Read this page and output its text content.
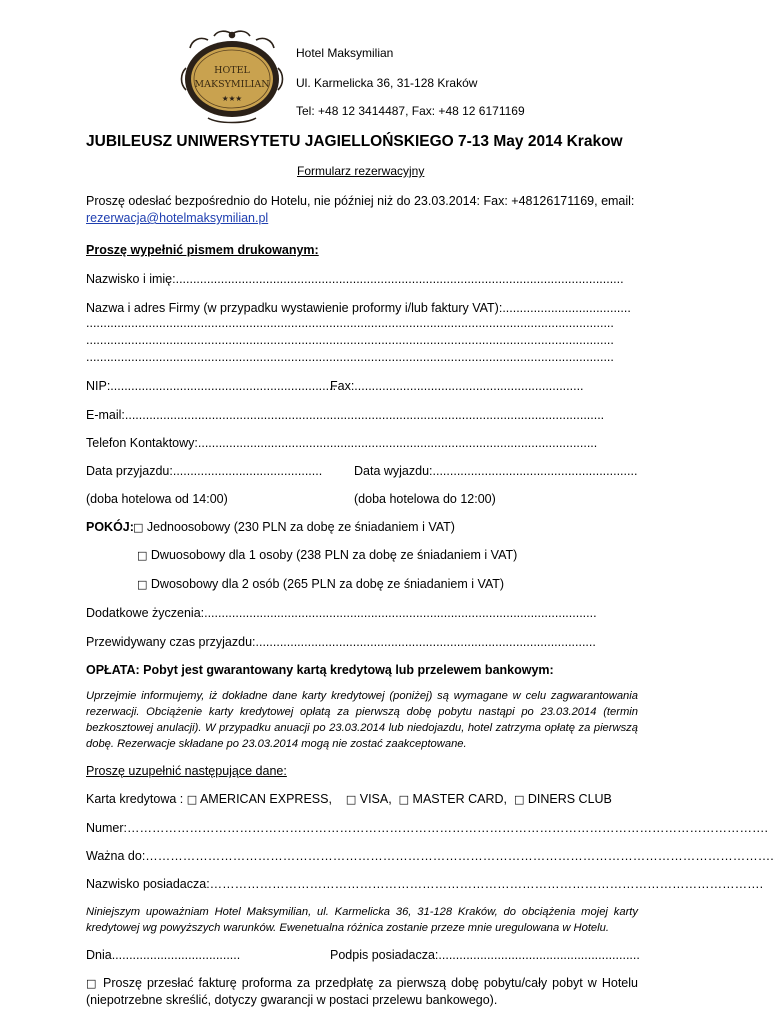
HOTEL
MAKSYMILIAN
★★★
Hotel Maksymilian
Ul. Karmelicka 36, 31-128 Kraków
Tel: +48 12 3414487, Fax: +48 12 6171169
JUBILEUSZ UNIWERSYTETU JAGIELLOŃSKIEGO 7-13 May 2014 Krakow
Formularz rezerwacyjny
Proszę odesłać bezpośrednio do Hotelu, nie później niż do 23.03.2014: Fax: +48126171169, email:
rezerwacja@hotelmaksymilian.pl
Proszę wypełnić pismem drukowanym:
Nazwisko i imię:.................................................................................................................................
Nazwa i adres Firmy (w przypadku wystawienie proformy i/lub faktury VAT):.....................................
........................................................................................................................................................
........................................................................................................................................................
........................................................................................................................................................
NIP:.................................................................
Fax:..................................................................
E-mail:..........................................................................................................................................
Telefon Kontaktowy:...................................................................................................................
Data przyjazdu:...........................................	Data wyjazdu:...........................................................
(doba hotelowa od 14:00)	(doba hotelowa do 12:00)
POKÓJ: □ Jednoosobowy (230 PLN za dobę ze śniadaniem i VAT)
□ Dwuosobowy dla 1 osoby (238 PLN za dobę ze śniadaniem i VAT)
□ Dwosobowy dla 2 osób (265 PLN za dobę ze śniadaniem i VAT)
Dodatkowe życzenia:.................................................................................................................
Przewidywany czas przyjazdu:..................................................................................................
OPŁATA: Pobyt jest gwarantowany kartą kredytową lub przelewem bankowym:
Uprzejmie informujemy, iż dokładne dane karty kredytowej (poniżej) są wymagane w celu zagwarantowania rezerwacji. Obciążenie karty kredytowej opłatą za pierwszą dobę pobytu nastąpi po 23.03.2014 (termin bezkosztowej anulacji). W przypadku anuacji po 23.03.2014 lub niedojazdu, hotel zatrzyma opłatę za pierwszą dobę. Rezerwacje składane po 23.03.2014 mogą nie zostać zaakceptowane.
Proszę uzupełnić następujące dane:
Karta kredytowa : □ AMERICAN EXPRESS, □ VISA, □ MASTER CARD, □ DINERS CLUB
Numer:……………………………………………………………………………………………………………………………………….
Ważna do:…………………………………………………………………………………………………………………………………….
Nazwisko posiadacza:…………………………………………………………………………………………………………………….
Niniejszym upoważniam Hotel Maksymilian, ul. Karmelicka 36, 31-128 Kraków, do obciążenia mojej karty kredytowej wg powyższych warunków. Ewenetualna różnica zostanie przeze mnie uregulowana w Hotelu.
Dnia.....................................	Podpis posiadacza:..........................................................
□ Proszę przesłać fakturę proforma za przedpłatę za pierwszą dobę pobytu/cały pobyt w Hotelu (niepotrzebne skreślić, dotyczy gwarancji w postaci przelewu bankowego).
